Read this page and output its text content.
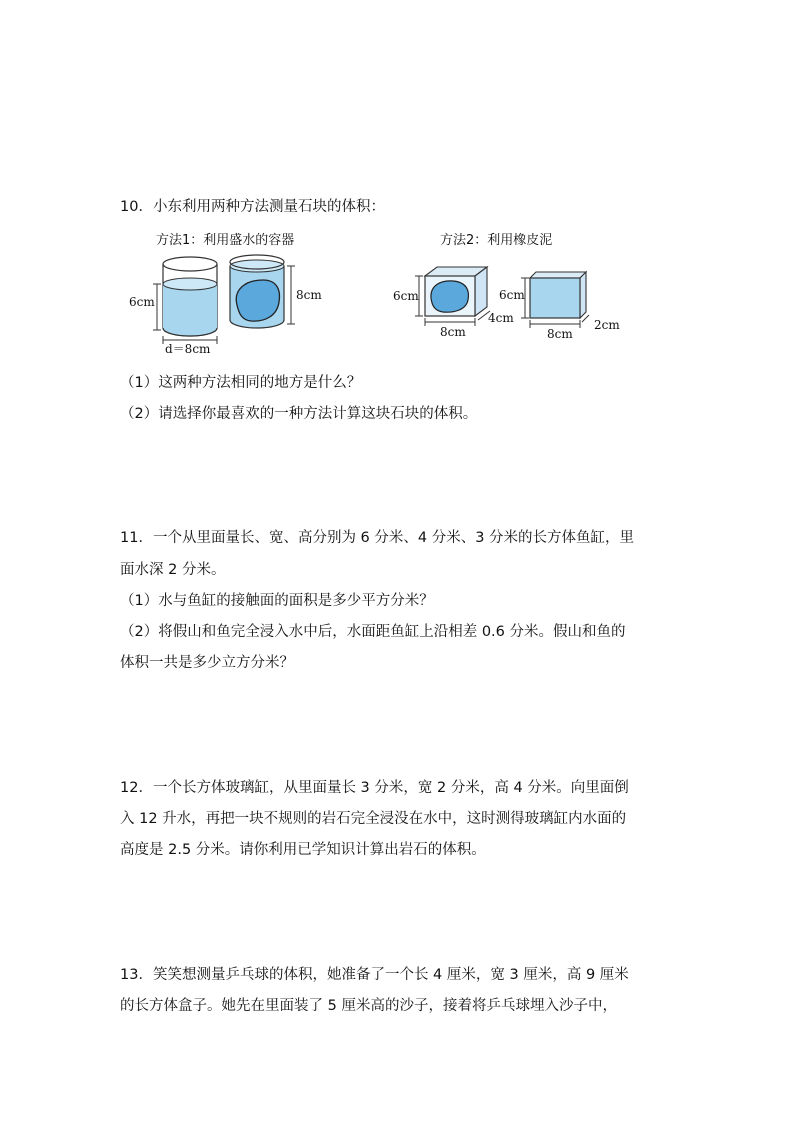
10．小东利用两种方法测量石块的体积：
方法1：利用盛水的容器	方法2：利用橡皮泥
6cm
d＝8cm
8cm	6cm
8cm
4cm
6cm
8cm
2cm
（1）这两种方法相同的地方是什么？
（2）请选择你最喜欢的一种方法计算这块石块的体积。
11．一个从里面量长、宽、高分别为 6 分米、4 分米、3 分米的长方体鱼缸，里
面水深 2 分米。
（1）水与鱼缸的接触面的面积是多少平方分米？
（2）将假山和鱼完全浸入水中后，水面距鱼缸上沿相差 0.6 分米。假山和鱼的
体积一共是多少立方分米？
12．一个长方体玻璃缸，从里面量长 3 分米，宽 2 分米，高 4 分米。向里面倒
入 12 升水，再把一块不规则的岩石完全浸没在水中，这时测得玻璃缸内水面的
高度是 2.5 分米。请你利用已学知识计算出岩石的体积。
13．笑笑想测量乒乓球的体积，她准备了一个长 4 厘米，宽 3 厘米，高 9 厘米
的长方体盒子。她先在里面装了 5 厘米高的沙子，接着将乒乓球埋入沙子中，
